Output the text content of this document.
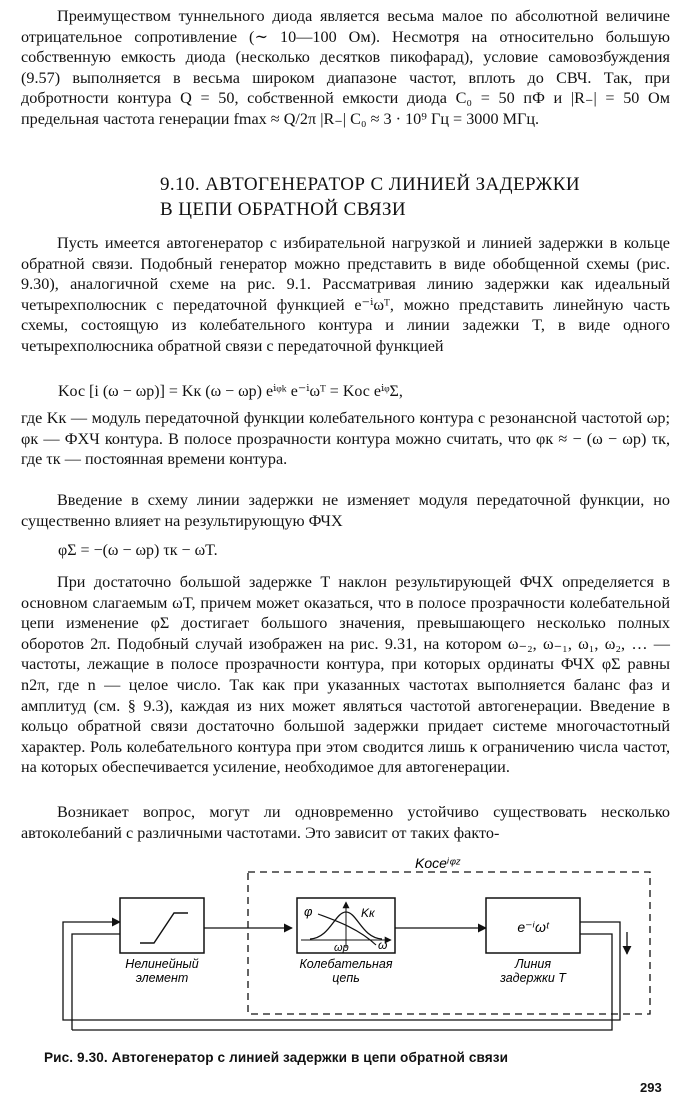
Преимуществом туннельного диода является весьма малое по абсолютной величине отрицательное сопротивление (∼ 10—100 Ом). Несмотря на относительно большую собственную емкость диода (несколько десятков пикофарад), условие самовозбуждения (9.57) выполняется в весьма широком диапазоне частот, вплоть до СВЧ. Так, при добротности контура Q = 50, собственной емкости диода C₀ = 50 пФ и |R₋| = 50 Ом предельная частота генерации fmax ≈ Q/2π |R₋| C₀ ≈ 3 · 10⁹ Гц = 3000 МГц.

9.10. АВТОГЕНЕРАТОР С ЛИНИЕЙ ЗАДЕРЖКИ
В ЦЕПИ ОБРАТНОЙ СВЯЗИ

Пусть имеется автогенератор с избирательной нагрузкой и линией задержки в кольце обратной связи. Подобный генератор можно представить в виде обобщенной схемы (рис. 9.30), аналогичной схеме на рис. 9.1. Рассматривая линию задержки как идеальный четырехполюсник с передаточной функцией e⁻ⁱωᵀ, можно представить линейную часть схемы, состоящую из колебательного контура и линии задежки T, в виде одного четырехполюсника обратной связи с передаточной функцией

Kос [i (ω − ωр)] = Kк (ω − ωр) eⁱᵠᵏ e⁻ⁱωᵀ = Kос eⁱᵠΣ,

где Kк — модуль передаточной функции колебательного контура с резонансной частотой ωр; φк — ФХЧ контура. В полосе прозрачности контура можно считать, что φк ≈ − (ω − ωр) τк, где τк — постоянная времени контура.

Введение в схему линии задержки не изменяет модуля передаточной функции, но существенно влияет на результирующую ФЧХ

φΣ = −(ω − ωр) τк − ωT.

При достаточно большой задержке T наклон результирующей ФЧХ определяется в основном слагаемым ωT, причем может оказаться, что в полосе прозрачности колебательной цепи изменение φΣ достигает большого значения, превышающего несколько полных оборотов 2π. Подобный случай изображен на рис. 9.31, на котором ω₋₂, ω₋₁, ω₁, ω₂, … — частоты, лежащие в полосе прозрачности контура, при которых ординаты ФЧХ φΣ равны n2π, где n — целое число. Так как при указанных частотах выполняется баланс фаз и амплитуд (см. § 9.3), каждая из них может являться частотой автогенерации. Введение в кольцо обратной связи достаточно большой задержки придает системе многочастотный характер. Роль колебательного контура при этом сводится лишь к ограничению числа частот, на которых обеспечивается усиление, необходимое для автогенерации.

Возникает вопрос, могут ли одновременно устойчиво существовать несколько автоколебаний с различными частотами. Это зависит от таких факто-

Kосeⁱᵠᶻ
Нелинейный
элемент
φ	Kк
ωр ω
Колебательная
цепь
e⁻ⁱωᵗ
Линия
задержки T
Рис. 9.30. Автогенератор с линией задержки в цепи обратной связи
293
